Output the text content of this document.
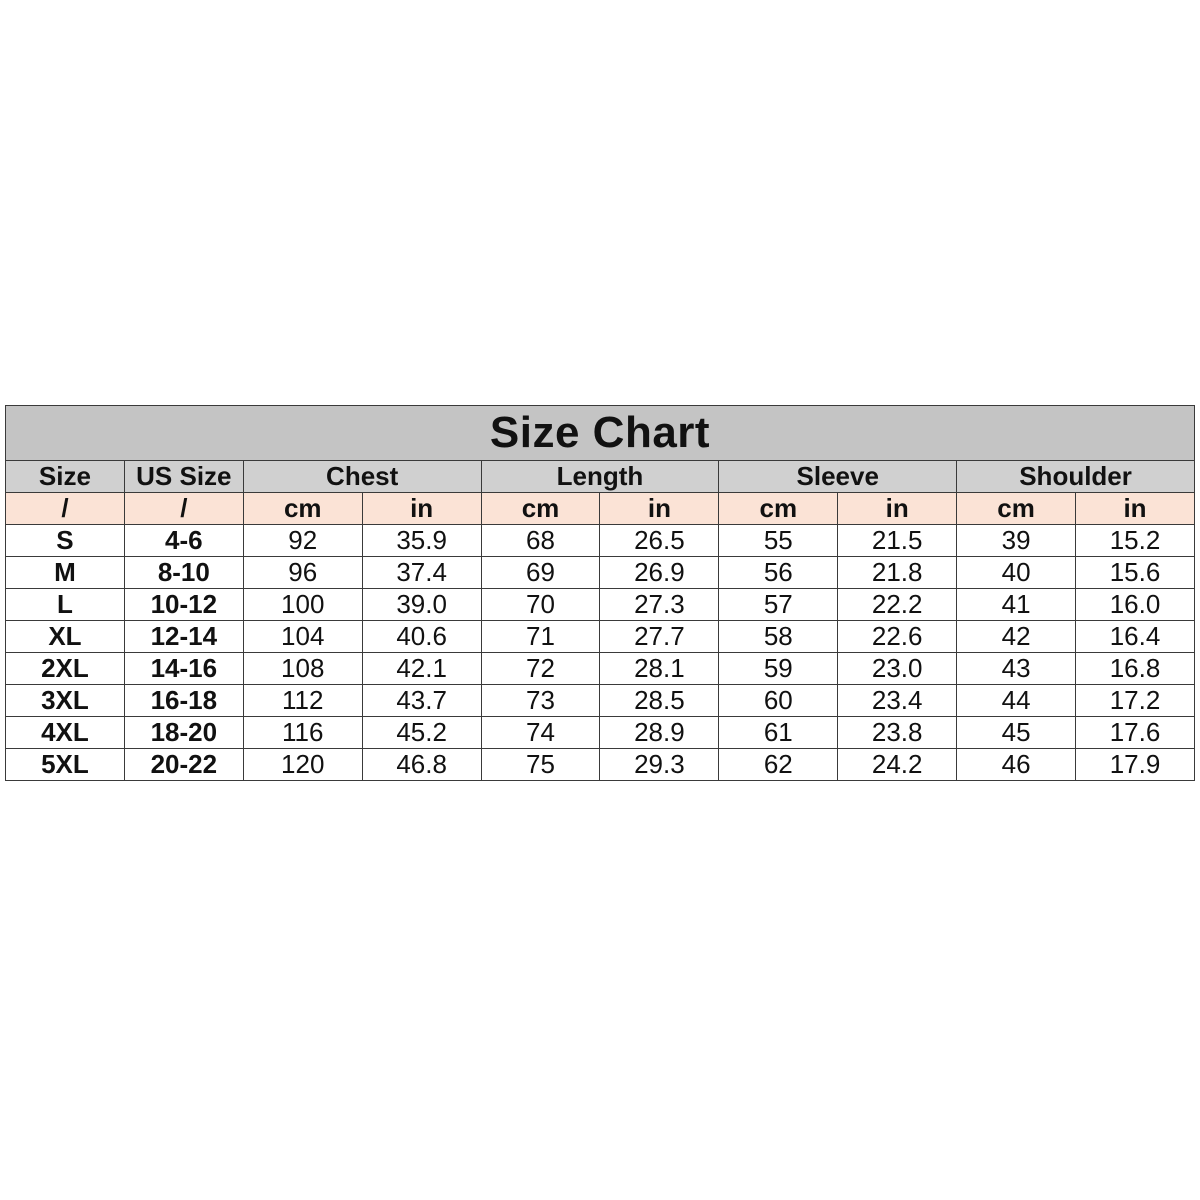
Size Chart									
Size	US Size	Chest		Length		Sleeve		Shoulder	
/	/	cm	in	cm	in	cm	in	cm	in
S	4-6	92	35.9	68	26.5	55	21.5	39	15.2
M	8-10	96	37.4	69	26.9	56	21.8	40	15.6
L	10-12	100	39.0	70	27.3	57	22.2	41	16.0
XL	12-14	104	40.6	71	27.7	58	22.6	42	16.4
2XL	14-16	108	42.1	72	28.1	59	23.0	43	16.8
3XL	16-18	112	43.7	73	28.5	60	23.4	44	17.2
4XL	18-20	116	45.2	74	28.9	61	23.8	45	17.6
5XL	20-22	120	46.8	75	29.3	62	24.2	46	17.9
